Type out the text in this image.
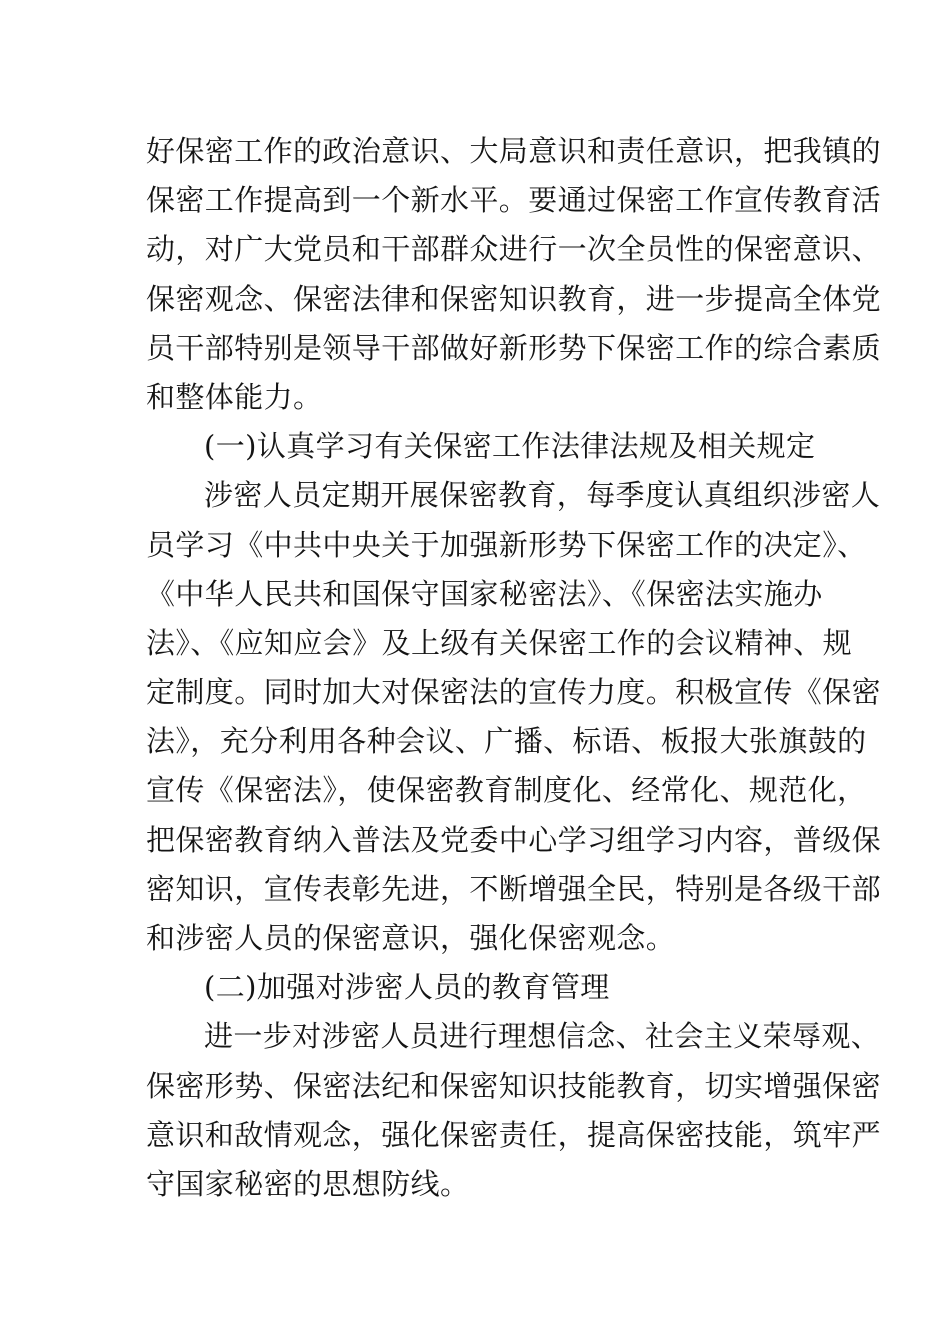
好保密工作的政治意识、大局意识和责任意识，把我镇的
保密工作提高到一个新水平。要通过保密工作宣传教育活
动，对广大党员和干部群众进行一次全员性的保密意识、
保密观念、保密法律和保密知识教育，进一步提高全体党
员干部特别是领导干部做好新形势下保密工作的综合素质
和整体能力。
(一)认真学习有关保密工作法律法规及相关规定
涉密人员定期开展保密教育，每季度认真组织涉密人
员学习《中共中央关于加强新形势下保密工作的决定》、
《中华人民共和国保守国家秘密法》、《保密法实施办
法》、《应知应会》及上级有关保密工作的会议精神、规
定制度。同时加大对保密法的宣传力度。积极宣传《保密
法》，充分利用各种会议、广播、标语、板报大张旗鼓的
宣传《保密法》，使保密教育制度化、经常化、规范化，
把保密教育纳入普法及党委中心学习组学习内容，普级保
密知识，宣传表彰先进，不断增强全民，特别是各级干部
和涉密人员的保密意识，强化保密观念。
(二)加强对涉密人员的教育管理
进一步对涉密人员进行理想信念、社会主义荣辱观、
保密形势、保密法纪和保密知识技能教育，切实增强保密
意识和敌情观念，强化保密责任，提高保密技能，筑牢严
守国家秘密的思想防线。
